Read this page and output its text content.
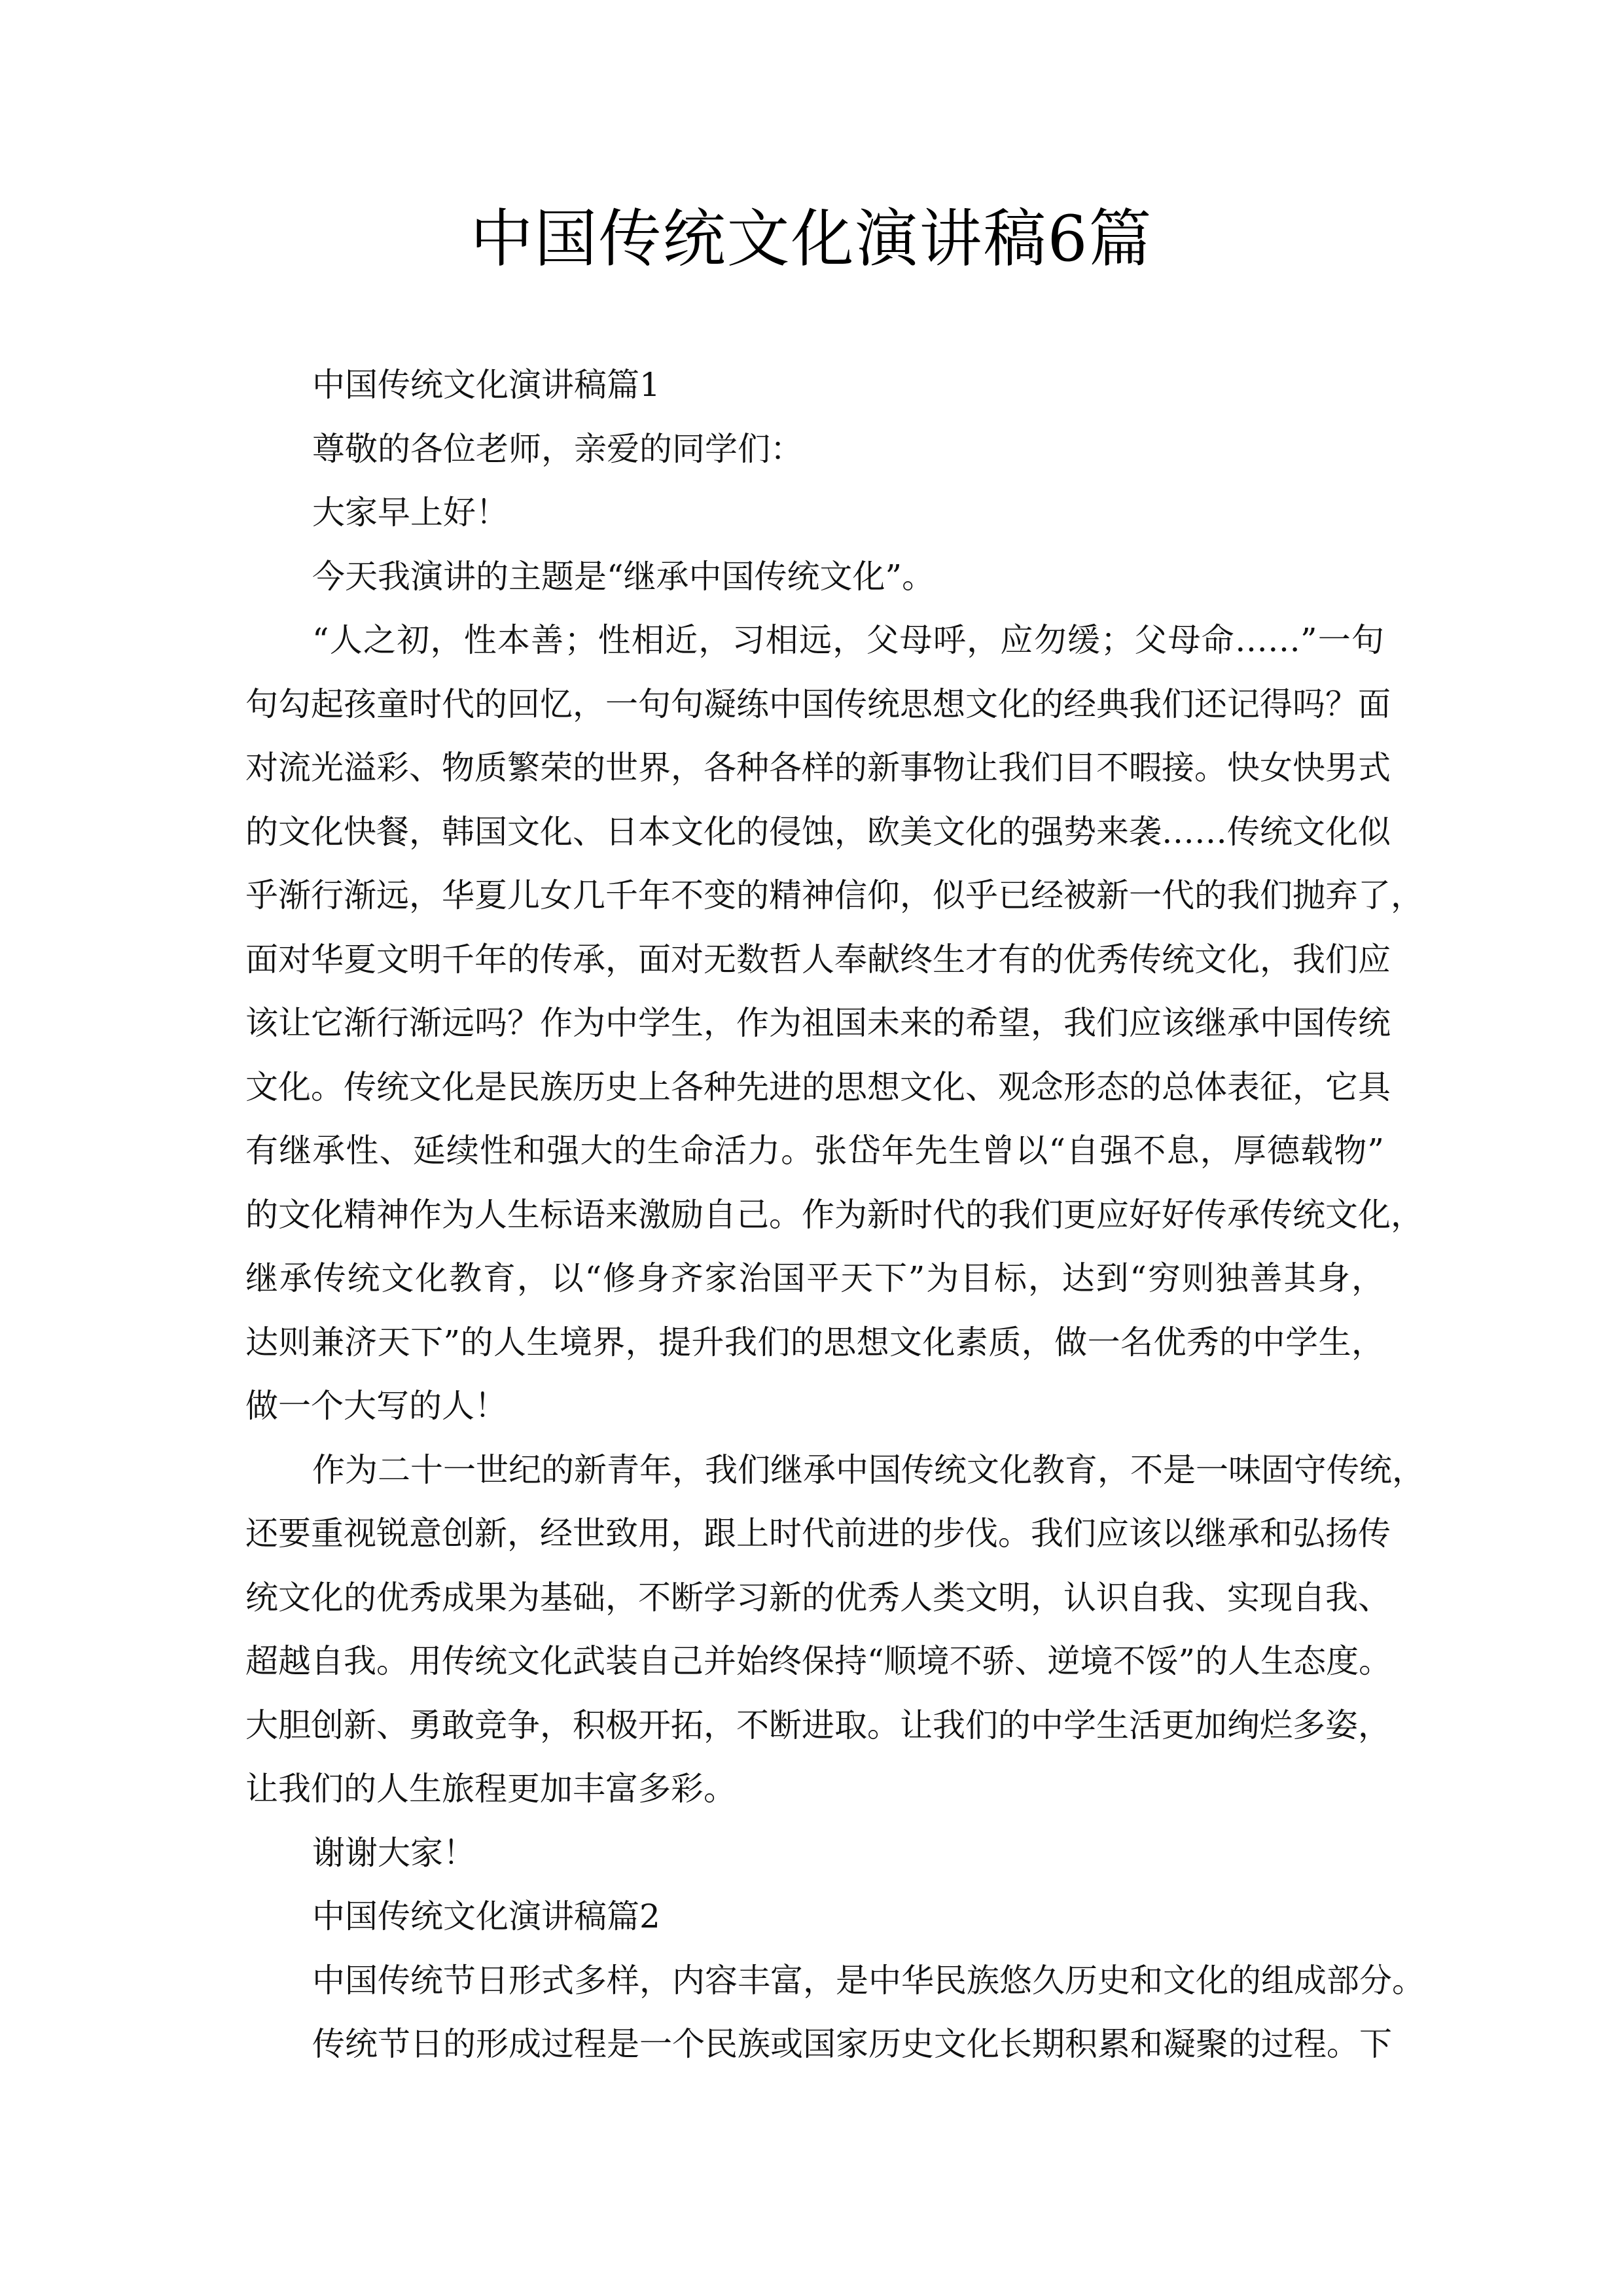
中国传统文化演讲稿6篇
中国传统文化演讲稿篇1
尊敬的各位老师，亲爱的同学们：
大家早上好！
今天我演讲的主题是“继承中国传统文化”。
“人之初，性本善；性相近，习相远，父母呼，应勿缓；父母命……”一句
句勾起孩童时代的回忆，一句句凝练中国传统思想文化的经典我们还记得吗？面
对流光溢彩、物质繁荣的世界，各种各样的新事物让我们目不暇接。快女快男式
的文化快餐，韩国文化、日本文化的侵蚀，欧美文化的强势来袭……传统文化似
乎渐行渐远，华夏儿女几千年不变的精神信仰，似乎已经被新一代的我们抛弃了，
面对华夏文明千年的传承，面对无数哲人奉献终生才有的优秀传统文化，我们应
该让它渐行渐远吗？作为中学生，作为祖国未来的希望，我们应该继承中国传统
文化。传统文化是民族历史上各种先进的思想文化、观念形态的总体表征，它具
有继承性、延续性和强大的生命活力。张岱年先生曾以“自强不息，厚德载物”
的文化精神作为人生标语来激励自己。作为新时代的我们更应好好传承传统文化，
继承传统文化教育，以“修身齐家治国平天下”为目标，达到“穷则独善其身，
达则兼济天下”的人生境界，提升我们的思想文化素质，做一名优秀的中学生，
做一个大写的人！
作为二十一世纪的新青年，我们继承中国传统文化教育，不是一味固守传统，
还要重视锐意创新，经世致用，跟上时代前进的步伐。我们应该以继承和弘扬传
统文化的优秀成果为基础，不断学习新的优秀人类文明，认识自我、实现自我、
超越自我。用传统文化武装自己并始终保持“顺境不骄、逆境不馁”的人生态度。
大胆创新、勇敢竞争，积极开拓，不断进取。让我们的中学生活更加绚烂多姿，
让我们的人生旅程更加丰富多彩。
谢谢大家！
中国传统文化演讲稿篇2
中国传统节日形式多样，内容丰富，是中华民族悠久历史和文化的组成部分。
传统节日的形成过程是一个民族或国家历史文化长期积累和凝聚的过程。下
